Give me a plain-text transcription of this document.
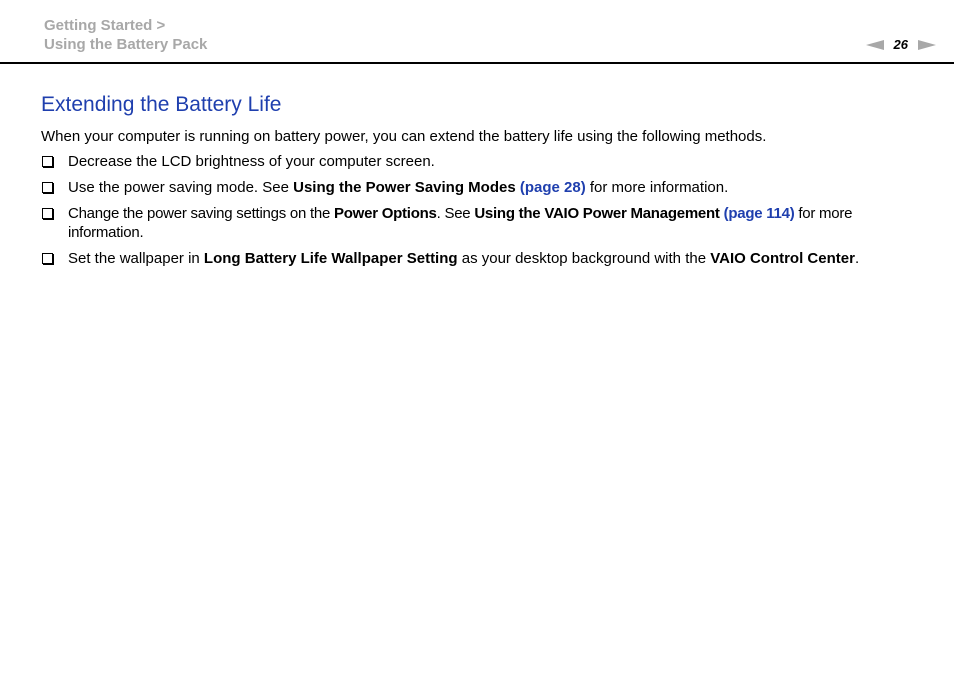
Getting Started >
Using the Battery Pack	26
Extending the Battery Life

When your computer is running on battery power, you can extend the battery life using the following methods.

Decrease the LCD brightness of your computer screen.
Use the power saving mode. See Using the Power Saving Modes (page 28) for more information.
Change the power saving settings on the Power Options. See Using the VAIO Power Management (page 114) for more information.
Set the wallpaper in Long Battery Life Wallpaper Setting as your desktop background with the VAIO Control Center.
